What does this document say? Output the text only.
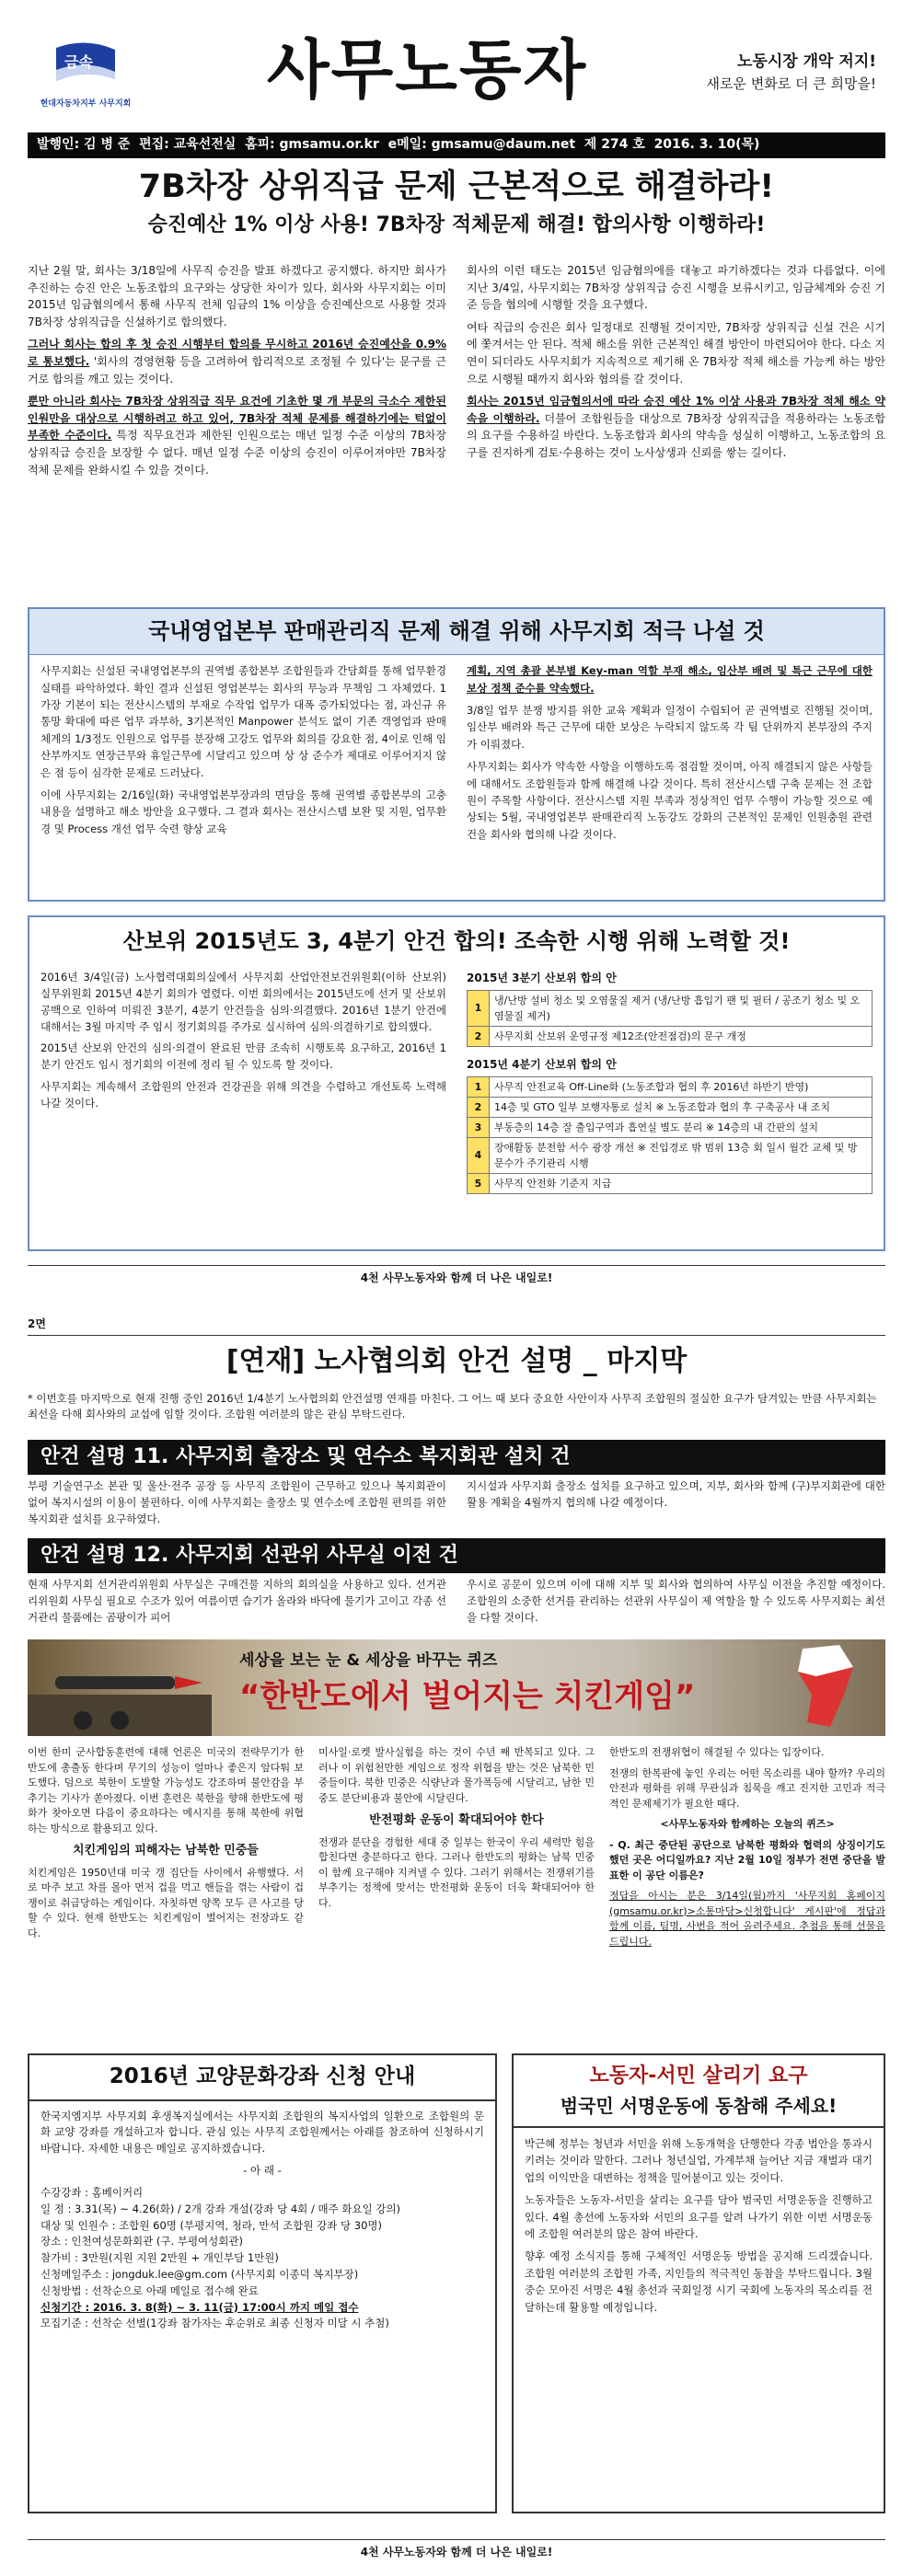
금속
현대자동차지부 사무지회 사무노동자	노동시장 개악 저지!
새로운 변화로 더 큰 희망을!
발행인: 김 병 준  편집: 교육선전실  홈피: gmsamu.or.kr  e메일: gmsamu@daum.net  제 274 호  2016. 3. 10(목)
7B차장 상위직급 문제 근본적으로 해결하라!
승진예산 1% 이상 사용! 7B차장 적체문제 해결! 합의사항 이행하라!

지난 2월 말, 회사는 3/18일에 사무직 승진을 발표 하겠다고 공지했다. 하지만 회사가 추진하는 승진 안은 노동조합의 요구와는 상당한 차이가 있다. 회사와 사무지회는 이미 2015년 임금협의에서 통해 사무직 전체 임금의 1% 이상을 승진예산으로 사용할 것과 7B차장 상위직급을 신설하기로 합의했다.

그러나 회사는 합의 후 첫 승진 시행부터 합의를 무시하고 2016년 승진예산을 0.9%로 통보했다. '회사의 경영현황 등을 고려하여 합리적으로 조정될 수 있다'는 문구를 근거로 합의를 깨고 있는 것이다.

뿐만 아니라 회사는 7B차장 상위직급 직무 요건에 기초한 몇 개 부문의 극소수 제한된 인원만을 대상으로 시행하려고 하고 있어, 7B차장 적체 문제를 해결하기에는 턱없이 부족한 수준이다. 특정 직무요건과 제한된 인원으로는 매년 일정 수준 이상의 7B차장 상위직급 승진을 보장할 수 없다. 매년 일정 수준 이상의 승진이 이루어져야만 7B차장 적체 문제를 완화시킬 수 있을 것이다.

회사의 이런 태도는 2015년 임금협의에를 대놓고 파기하겠다는 것과 다름없다. 이에 지난 3/4일, 사무지회는 7B차장 상위직급 승진 시행을 보류시키고, 임금체계와 승진 기준 등을 협의에 시행할 것을 요구했다.

여타 직급의 승진은 회사 일정대로 진행될 것이지만, 7B차장 상위직급 신설 건은 시기에 쫓겨서는 안 된다. 적체 해소를 위한 근본적인 해결 방안이 마련되어야 한다. 다소 지연이 되더라도 사무지회가 지속적으로 제기해 온 7B차장 적체 해소를 가능케 하는 방안으로 시행될 때까지 회사와 협의를 갈 것이다.

회사는 2015년 임금협의서에 따라 승진 예산 1% 이상 사용과 7B차장 적체 해소 약속을 이행하라. 더불어 조합원들을 대상으로 7B차장 상위직급을 적용하라는 노동조합의 요구를 수용하길 바란다. 노동조합과 회사의 약속을 성실히 이행하고, 노동조합의 요구를 진지하게 검토·수용하는 것이 노사상생과 신뢰를 쌓는 길이다.

국내영업본부 판매관리직 문제 해결 위해 사무지회 적극 나설 것

사무지회는 신설된 국내영업본부의 권역별 종합본부 조합원들과 간담회를 통해 업무환경 실태를 파악하였다. 확인 결과 신설된 영업본부는 회사의 무능과 무책임 그 자체였다. 1가장 기본이 되는 전산시스템의 부재로 수작업 업무가 대폭 증가되었다는 점, 과신규 유통망 확대에 따른 업무 과부하, 3기본적인 Manpower 분석도 없이 기존 객영업과 판매 체계의 1/3정도 인원으로 업무를 분장해 고강도 업무와 회의를 강요한 점, 4이로 인해 임산부까지도 연장근무와 휴일근무에 시달리고 있으며 상 상 준수가 제대로 이루어지지 않은 점 등이 심각한 문제로 드러났다.

이에 사무지회는 2/16일(화) 국내영업본부장과의 면담을 통해 권역별 종합본부의 고충내용을 설명하고 해소 방안을 요구했다. 그 결과 회사는 전산시스템 보완 및 지원, 업무환경 및 Process 개선 업무 숙련 향상 교육

계획, 지역 총괄 본부별 Key-man 역할 부재 해소, 임산부 배려 및 특근 근무에 대한 보상 정책 준수를 약속했다.

3/8일 업무 분쟁 방지를 위한 교육 계획과 일정이 수립되어 곧 권역별로 진행될 것이며, 임산부 배려와 특근 근무에 대한 보상은 누락되지 않도록 각 팀 단위까지 본부장의 주지가 이뤄졌다.

사무지회는 회사가 약속한 사항을 이행하도록 점검할 것이며, 아직 해결되지 않은 사항들에 대해서도 조합원들과 함께 해결해 나갈 것이다. 특히 전산시스템 구축 문제는 전 조합원이 주목할 사항이다. 전산시스템 지원 부족과 정상적인 업무 수행이 가능할 것으로 예상되는 5월, 국내영업본부 판매관리직 노동강도 강화의 근본적인 문제인 인원충원 관련 건을 회사와 협의해 나갈 것이다.

산보위 2015년도 3, 4분기 안건 합의! 조속한 시행 위해 노력할 것!

2016년 3/4일(금) 노사협력대회의실에서 사무지회 산업안전보건위원회(이하 산보위) 실무위원회 2015년 4분기 회의가 열렸다. 이번 회의에서는 2015년도에 선거 및 산보위 공백으로 인하여 미뤄진 3분기, 4분기 안건들을 심의·의결했다. 2016년 1분기 안건에 대해서는 3월 마지막 주 임시 정기회의를 주가로 실시하여 심의·의결하기로 합의했다.

2015년 산보위 안건의 심의·의결이 완료된 만큼 조속히 시행토록 요구하고, 2016년 1분기 안건도 임시 정기회의 이전에 정리 될 수 있도록 할 것이다.

사무지회는 계속해서 조합원의 안전과 건강권을 위해 의견을 수렴하고 개선토록 노력해 나갈 것이다.

2015년 3분기 산보위 합의 안
1	냉/난방 설비 청소 및 오염물질 제거 (냉/난방 흡입기 팬 및 필터 / 공조기 청소 및 오염물질 제거)
2	사무지회 산보위 운영규정 제12조(안전점검)의 문구 개정
2015년 4분기 산보위 합의 안
1	사무직 안전교육 Off-Line화 (노동조합과 협의 후 2016년 하반기 반영)
2	14층 및 GTO 일부 보행자통로 설치 ※ 노동조합과 협의 후 구축공사 내 조치
3	부동층의 14층 잘 출입구역과 흡연실 별도 분리 ※ 14층의 내 간판의 설치
4	장애활동 분전함 서수 광장 개선 ※ 진입경로 밖 범위 13층 회 일시 월간 교체 및 방문수가 주기관리 시행
5	사무직 안전화 기준지 지급
4천 사무노동자와 함께 더 나은 내일로!
2면
[연재] 노사협의회 안건 설명 _ 마지막
* 이번호를 마지막으로 현재 진행 중인 2016년 1/4분기 노사협의회 안건설명 연재를 마친다. 그 어느 때 보다 중요한 사안이자 사무직 조합원의 절실한 요구가 담겨있는 만큼 사무지회는 최선을 다해 회사와의 교섭에 임할 것이다. 조합원 여러분의 많은 관심 부탁드린다.
안건 설명 11. 사무지회 출장소 및 연수소 복지회관 설치 건

부평 기술연구소 본관 및 울산·전주 공장 등 사무직 조합원이 근무하고 있으나 복지회관이 없어 복지시설의 이용이 불편하다. 이에 사무지회는 출장소 및 연수소에 조합원 편의를 위한 복지회관 설치를 요구하였다.

지시설과 사무지회 출장소 설치를 요구하고 있으며, 지부, 회사와 함께 (구)부지회관에 대한 활용 계획을 4월까지 협의해 나갈 예정이다.

안건 설명 12. 사무지회 선관위 사무실 이전 건

현재 사무지회 선거관리위원회 사무실은 구매건물 지하의 회의실을 사용하고 있다. 선거관리위원회 사무실 필요로 수조가 있어 여름이면 습기가 올라와 바닥에 물기가 고이고 각종 선거관리 물품에는 곰팡이가 피어

우시로 공문이 있으며 이에 대해 지부 및 회사와 협의하여 사무실 이전을 추진할 예정이다. 조합원의 소중한 선거를 관리하는 선관위 사무실이 제 역할을 할 수 있도록 사무지회는 최선을 다할 것이다.

세상을 보는 눈 & 세상을 바꾸는 퀴즈
“한반도에서 벌어지는 치킨게임”

이번 한미 군사합동훈련에 대해 언론은 미국의 전략무기가 한반도에 총출동 한다며 무기의 성능이 얼마나 좋은지 앞다퉈 보도했다. 덤으로 북한이 도발할 가능성도 강조하며 불안감을 부추기는 기사가 쏟아졌다. 이번 훈련은 북한을 향해 한반도에 평화가 찾아오면 다음이 중요하다는 메시지를 통해 북한에 위협하는 방식으로 활용되고 있다.

치킨게임의 피해자는 남북한 민중들

치킨게임은 1950년대 미국 갱 집단들 사이에서 유행했다. 서로 마주 보고 차를 몰아 먼저 겁을 먹고 핸들을 꺾는 사람이 겁쟁이로 취급당하는 게임이다. 자칫하면 양쪽 모두 큰 사고를 당할 수 있다. 현재 한반도는 치킨게임이 벌어지는 전장과도 같다.

미사일·로켓 발사실험을 하는 것이 수년 째 반복되고 있다. 그러나 이 위험천만한 게임으로 정작 위협을 받는 것은 남북한 민중들이다. 북한 민중은 식량난과 물가폭등에 시달리고, 남한 민중도 분단비용과 불안에 시달린다.

반전평화 운동이 확대되어야 한다

전쟁과 분단을 경험한 세대 중 일부는 한국이 우리 세력만 힘을 합친다면 충분하다고 한다. 그러나 한반도의 평화는 남북 민중이 함께 요구해야 지켜낼 수 있다. 그러기 위해서는 전쟁위기를 부추기는 정책에 맞서는 반전평화 운동이 더욱 확대되어야 한다.

한반도의 전쟁위협이 해결될 수 있다는 입장이다.

전쟁의 한복판에 놓인 우리는 어떤 목소리를 내야 할까? 우리의 안전과 평화를 위해 무관심과 침묵을 깨고 진지한 고민과 적극적인 문제제기가 필요한 때다.

<사무노동자와 함께하는 오늘의 퀴즈>

- Q. 최근 중단된 공단으로 남북한 평화와 협력의 상징이기도 했던 곳은 어디일까요? 지난 2월 10일 정부가 전면 중단을 발표한 이 공단 이름은?

정답을 아시는 분은 3/14일(월)까지 '사무지회 홈페이지(gmsamu.or.kr)>소통마당>신청합니다' 게시판'에 정답과 함께 이름, 팀명, 사번을 적어 올려주세요. 추첨을 통해 선물을 드립니다.

2016년 교양문화강좌 신청 안내

한국지엠지부 사무지회 후생복지실에서는 사무지회 조합원의 복지사업의 일환으로 조합원의 문화 교양 강좌를 개설하고자 합니다. 관심 있는 사무직 조합원께서는 아래를 참조하여 신청하시기 바랍니다. 자세한 내용은 메일로 공지하겠습니다.

- 아 래 -

수강강좌 : 홈베이커리
일 정 : 3.31(목) ~ 4.26(화) / 2개 강좌 개설(강좌 당 4회 / 매주 화요일 강의)
대상 및 인원수 : 조합원 60명 (부평지역, 청라, 만석 조합원 강좌 당 30명)
장소 : 인천여성문화회관 (구. 부평여성회관)
참가비 : 3만원(지원 지원 2만원 + 개인부담 1만원)
신청메일주소 : jongduk.lee@gm.com (사무지회 이종덕 복지부장)
신청방법 : 선착순으로 아래 메일로 접수해 완료
신청기간 : 2016. 3. 8(화) ~ 3. 11(금) 17:00시 까지 메일 접수
모집기준 : 선착순 선별(1강좌 참가자는 후순위로 최종 신청자 미달 시 추첨)
노동자-서민 살리기 요구
범국민 서명운동에 동참해 주세요!

박근혜 정부는 청년과 서민을 위해 노동개혁을 단행한다 각종 법안을 통과시키려는 것이라 말한다. 그러나 청년실업, 가계부채 늘어난 지금 재벌과 대기업의 이익만을 대변하는 정책을 밀어붙이고 있는 것이다.

노동자들은 노동자-서민을 살리는 요구를 담아 범국민 서명운동을 진행하고 있다. 4월 총선에 노동자와 서민의 요구를 알려 나가기 위한 이번 서명운동에 조합원 여러분의 많은 참여 바란다.

향후 예정 소식지를 통해 구체적인 서명운동 방법을 공지해 드리겠습니다. 조합원 여러분의 조합원 가족, 지인들의 적극적인 동참을 부탁드립니다. 3월 중순 모아진 서명은 4월 총선과 국회일정 시기 국회에 노동자의 목소리를 전달하는데 활용할 예정입니다.

4천 사무노동자와 함께 더 나은 내일로!
